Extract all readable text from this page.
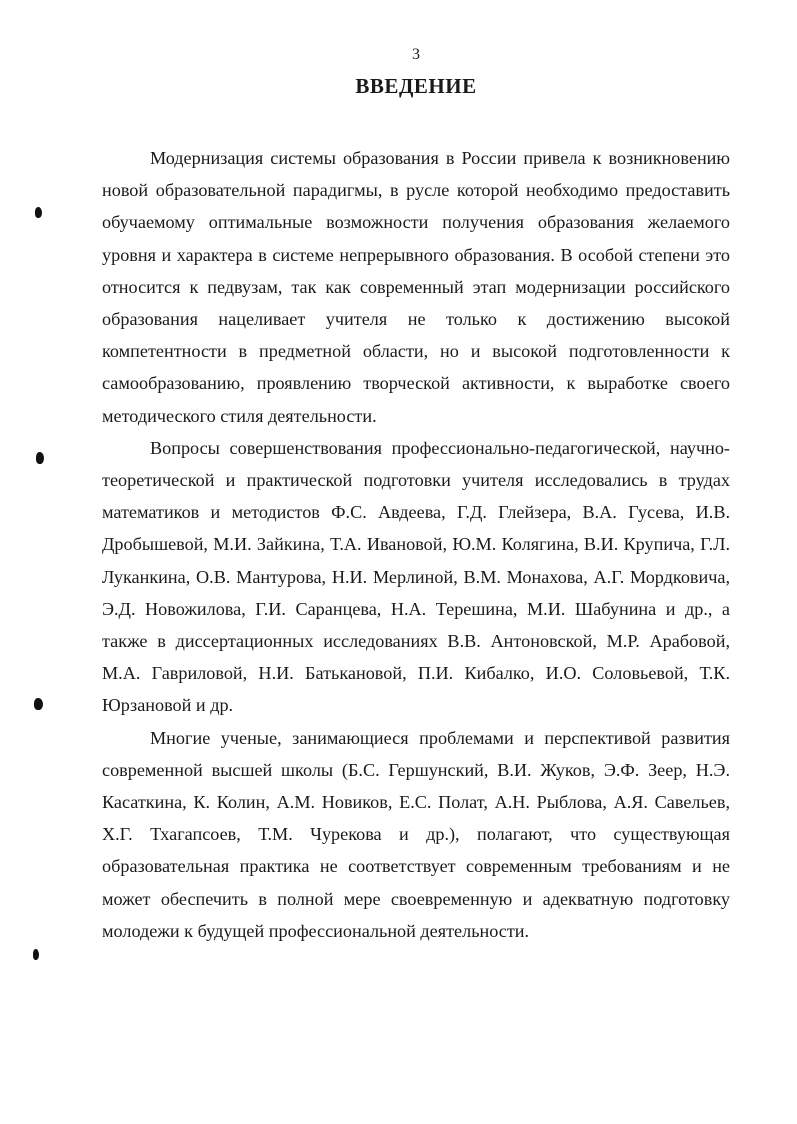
3
ВВЕДЕНИЕ

Модернизация системы образования в России привела к возникновению новой образовательной парадигмы, в русле которой необходимо предоставить обучаемому оптимальные возможности получения образования желаемого уровня и характера в системе непрерывного образования. В особой степени это относится к педвузам, так как современный этап модернизации российского образования нацеливает учителя не только к достижению высокой компетентности в предметной области, но и высокой подготовленности к самообразованию, проявлению творческой активности, к выработке своего методического стиля деятельности.

Вопросы совершенствования профессионально-педагогической, научно-теоретической и практической подготовки учителя исследовались в трудах математиков и методистов Ф.С. Авдеева, Г.Д. Глейзера, В.А. Гусева, И.В. Дробышевой, М.И. Зайкина, Т.А. Ивановой, Ю.М. Колягина, В.И. Крупича, Г.Л. Луканкина, О.В. Мантурова, Н.И. Мерлиной, В.М. Монахова, А.Г. Мордковича, Э.Д. Новожилова, Г.И. Саранцева, Н.А. Терешина, М.И. Шабунина и др., а также в диссертационных исследованиях В.В. Антоновской, М.Р. Арабовой, М.А. Гавриловой, Н.И. Батькановой, П.И. Кибалко, И.О. Соловьевой, Т.К. Юрзановой и др.

Многие ученые, занимающиеся проблемами и перспективой развития современной высшей школы (Б.С. Гершунский, В.И. Жуков, Э.Ф. Зеер, Н.Э. Касаткина, К. Колин, А.М. Новиков, Е.С. Полат, А.Н. Рыблова, А.Я. Савельев, Х.Г. Тхагапсоев, Т.М. Чурекова и др.), полагают, что существующая образовательная практика не соответствует современным требованиям и не может обеспечить в полной мере своевременную и адекватную подготовку молодежи к будущей профессиональной деятельности.
